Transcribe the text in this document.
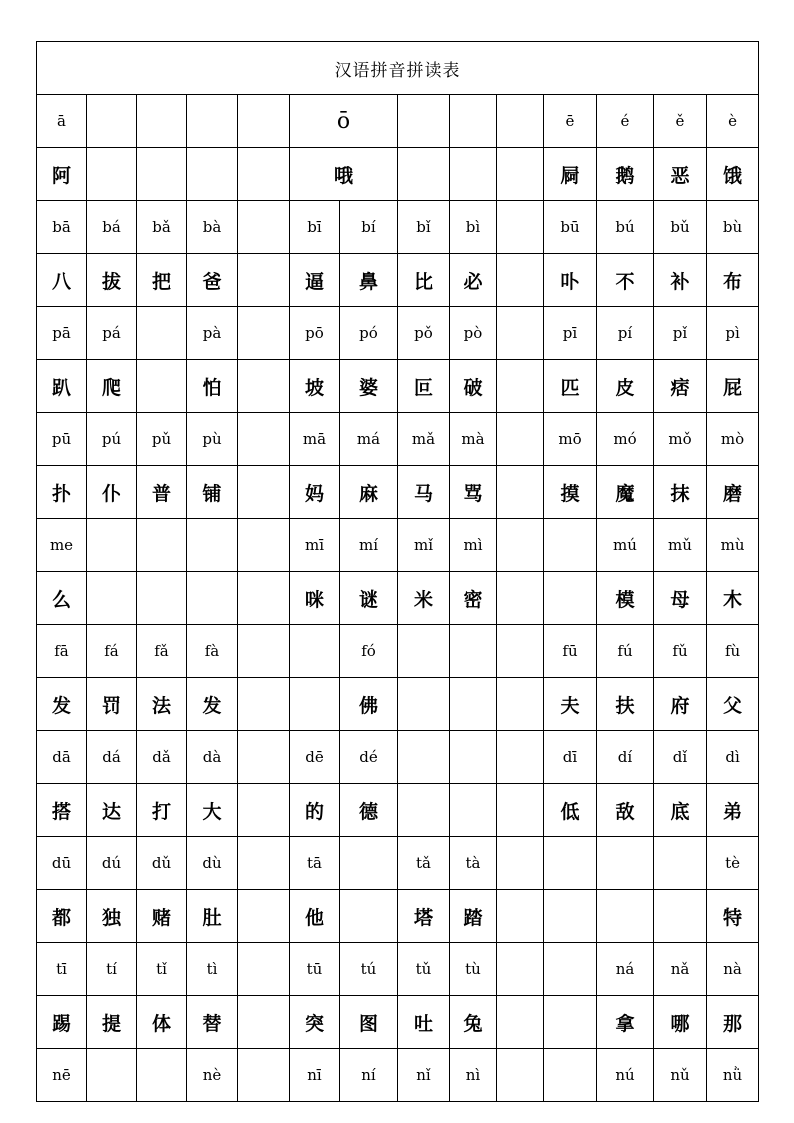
汉语拼音拼读表													
ā					ō					ē	é	ě	è
阿					哦					屙	鹅	恶	饿
bā	bá	bǎ	bà		bī	bí	bǐ	bì		bū	bú	bǔ	bù
八	拔	把	爸		逼	鼻	比	必		卟	不	补	布
pā	pá		pà		pō	pó	pǒ	pò		pī	pí	pǐ	pì
趴	爬		怕		坡	婆	叵	破		匹	皮	痞	屁
pū	pú	pǔ	pù		mā	má	mǎ	mà		mō	mó	mǒ	mò
扑	仆	普	铺		妈	麻	马	骂		摸	魔	抹	磨
me					mī	mí	mǐ	mì			mú	mǔ	mù
么					咪	谜	米	密			模	母	木
fā	fá	fǎ	fà			fó				fū	fú	fǔ	fù
发	罚	法	发			佛				夫	扶	府	父
dā	dá	dǎ	dà		dē	dé				dī	dí	dǐ	dì
搭	达	打	大		的	德				低	敌	底	弟
dū	dú	dǔ	dù		tā		tǎ	tà					tè
都	独	赌	肚		他		塔	踏					特
tī	tí	tǐ	tì		tū	tú	tǔ	tù			ná	nǎ	nà
踢	提	体	替		突	图	吐	兔			拿	哪	那
nē			nè		nī	ní	nǐ	nì			nú	nǔ	nǜ
